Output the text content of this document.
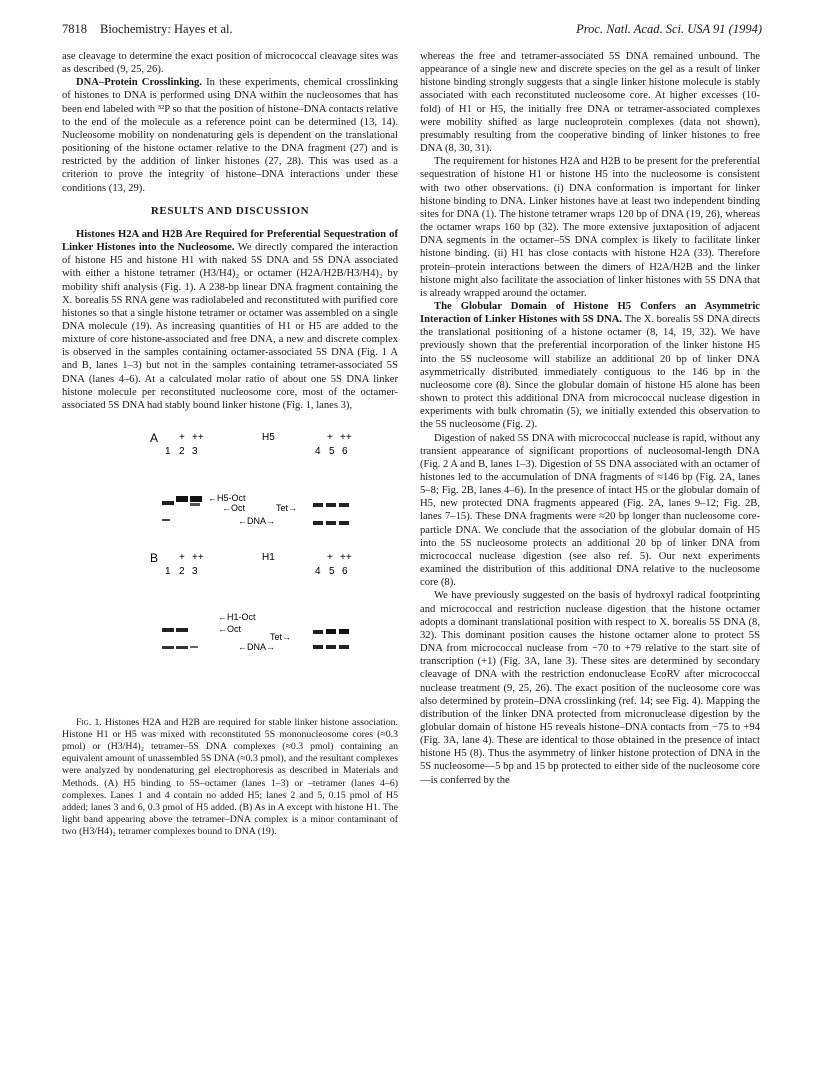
7818 Biochemistry: Hayes et al.	Proc. Natl. Acad. Sci. USA 91 (1994)

ase cleavage to determine the exact position of micrococcal cleavage sites was as described (9, 25, 26).

DNA–Protein Crosslinking. In these experiments, chemical crosslinking of histones to DNA is performed using DNA within the nucleosomes that has been end labeled with ³²P so that the position of histone–DNA contacts relative to the end of the molecule as a reference point can be determined (13, 14). Nucleosome mobility on nondenaturing gels is dependent on the translational positioning of the histone octamer relative to the DNA fragment (27) and is restricted by the addition of linker histones (27, 28). This was used as a criterion to prove the integrity of histone–DNA interactions under these conditions (13, 29).

RESULTS AND DISCUSSION

Histones H2A and H2B Are Required for Preferential Sequestration of Linker Histones into the Nucleosome. We directly compared the interaction of histone H5 and histone H1 with naked 5S DNA and 5S DNA associated with either a histone tetramer (H3/H4)₂ or octamer (H2A/H2B/H3/H4)₂ by mobility shift analysis (Fig. 1). A 238-bp linear DNA fragment containing the X. borealis 5S RNA gene was radiolabeled and reconstituted with purified core histones so that a single histone tetramer or octamer was assembled on a single DNA molecule (19). As increasing quantities of H1 or H5 are added to the mixture of core histone-associated and free DNA, a new and discrete complex is observed in the samples containing octamer-associated 5S DNA (Fig. 1 A and B, lanes 1–3) but not in the samples containing tetramer-associated 5S DNA (lanes 4–6). At a calculated molar ratio of about one 5S DNA linker histone molecule per reconstituted nucleosome core, most of the octamer-associated 5S DNA had stably bound linker histone (Fig. 1, lanes 3),

A	H5
+ ++	+ ++
1 2 3	4 5 6
←H5-Oct
←Oct	Tet→
←DNA→
B	H1
+ ++	+ ++
1 2 3	4 5 6
←H1-Oct
←Oct
Tet→
←DNA→
Fig. 1. Histones H2A and H2B are required for stable linker histone association. Histone H1 or H5 was mixed with reconstituted 5S mononucleosome cores (≈0.3 pmol) or (H3/H4)₂ tetramer–5S DNA complexes (≈0.3 pmol) containing an equivalent amount of unassembled 5S DNA (≈0.3 pmol), and the resultant complexes were analyzed by nondenaturing gel electrophoresis as described in Materials and Methods. (A) H5 binding to 5S–octamer (lanes 1–3) or –tetramer (lanes 4–6) complexes. Lanes 1 and 4 contain no added H5; lanes 2 and 5, 0.15 pmol of H5 added; lanes 3 and 6, 0.3 pmol of H5 added. (B) As in A except with histone H1. The light band appearing above the tetramer–DNA complex is a minor contaminant of two (H3/H4)₂ tetramer complexes bound to DNA (19).

whereas the free and tetramer-associated 5S DNA remained unbound. The appearance of a single new and discrete species on the gel as a result of linker histone binding strongly suggests that a single linker histone molecule is stably associated with each reconstituted nucleosome core. At higher excesses (10-fold) of H1 or H5, the initially free DNA or tetramer-associated complexes were mobility shifted as large nucleoprotein complexes (data not shown), presumably resulting from the cooperative binding of linker histones to free DNA (8, 30, 31).

The requirement for histones H2A and H2B to be present for the preferential sequestration of histone H1 or histone H5 into the nucleosome is consistent with two other observations. (i) DNA conformation is important for linker histone binding to DNA. Linker histones have at least two independent binding sites for DNA (1). The histone tetramer wraps 120 bp of DNA (19, 26), whereas the octamer wraps 160 bp (32). The more extensive juxtaposition of adjacent DNA segments in the octamer–5S DNA complex is likely to facilitate linker histone binding. (ii) H1 has close contacts with histone H2A (33). Therefore protein–protein interactions between the dimers of H2A/H2B and the linker histone might also facilitate the association of linker histones with 5S DNA that is already wrapped around the octamer.

The Globular Domain of Histone H5 Confers an Asymmetric Interaction of Linker Histones with 5S DNA. The X. borealis 5S DNA directs the translational positioning of a histone octamer (8, 14, 19, 32). We have previously shown that the preferential incorporation of the linker histone H5 into the 5S nucleosome will stabilize an additional 20 bp of linker DNA asymmetrically distributed immediately contiguous to the 146 bp in the nucleosome core (8). Since the globular domain of histone H5 alone has been shown to protect this additional DNA from micrococcal nuclease digestion in experiments with bulk chromatin (5), we initially extended this observation to the 5S nucleosome (Fig. 2).

Digestion of naked 5S DNA with micrococcal nuclease is rapid, without any transient appearance of significant proportions of nucleosomal-length DNA (Fig. 2 A and B, lanes 1–3). Digestion of 5S DNA associated with an octamer of histones led to the accumulation of DNA fragments of ≈146 bp (Fig. 2A, lanes 5–8; Fig. 2B, lanes 4–6). In the presence of intact H5 or the globular domain of H5, new protected DNA fragments appeared (Fig. 2A, lanes 9–12; Fig. 2B, lanes 7–15). These DNA fragments were ≈20 bp longer than nucleosome core-particle DNA. We conclude that the association of the globular domain of H5 into the 5S nucleosome protects an additional 20 bp of linker DNA from micrococcal nuclease digestion (see also ref. 5). Our next experiments examined the distribution of this additional DNA relative to the nucleosome core (8).

We have previously suggested on the basis of hydroxyl radical footprinting and micrococcal and restriction nuclease digestion that the histone octamer adopts a dominant translational position with respect to X. borealis 5S DNA (8, 32). This dominant position causes the histone octamer alone to protect 5S DNA from micrococcal nuclease from −70 to +79 relative to the start site of transcription (+1) (Fig. 3A, lane 3). These sites are determined by secondary cleavage of DNA with the restriction endonuclease EcoRV after micrococcal nuclease treatment (9, 25, 26). The exact position of the nucleosome core was also determined by protein–DNA crosslinking (ref. 14; see Fig. 4). Mapping the distribution of the linker DNA protected from micronuclease digestion by the globular domain of histone H5 reveals histone–DNA contacts from −75 to +94 (Fig. 3A, lane 4). These are identical to those obtained in the presence of intact histone H5 (8). Thus the asymmetry of linker histone protection of DNA in the 5S nucleosome—5 bp and 15 bp protected to either side of the nucleosome core—is conferred by the
